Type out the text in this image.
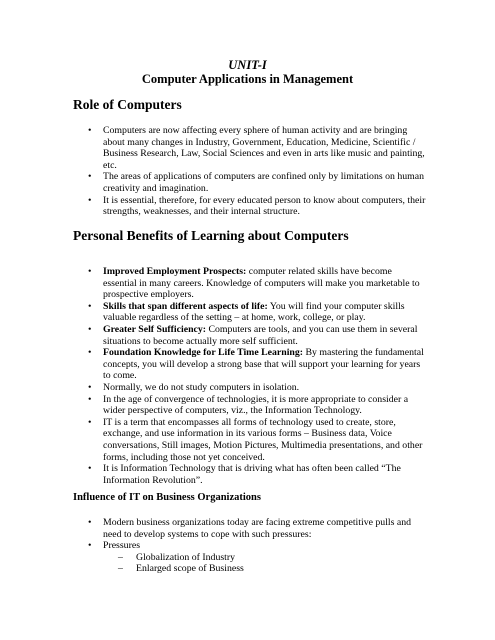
UNIT-I
Computer Applications in Management
Role of Computers
•	Computers are now affecting every sphere of human activity and are bringing about many changes in Industry, Government, Education, Medicine, Scientific / Business Research, Law, Social Sciences and even in arts like music and painting, etc.
•	The areas of applications of computers are confined only by limitations on human creativity and imagination.
•	It is essential, therefore, for every educated person to know about computers, their strengths, weaknesses, and their internal structure.
Personal Benefits of Learning about Computers
•	Improved Employment Prospects: computer related skills have become essential in many careers. Knowledge of computers will make you marketable to prospective employers.
•	Skills that span different aspects of life: You will find your computer skills valuable regardless of the setting – at home, work, college, or play.
•	Greater Self Sufficiency: Computers are tools, and you can use them in several situations to become actually more self sufficient.
•	Foundation Knowledge for Life Time Learning: By mastering the fundamental concepts, you will develop a strong base that will support your learning for years to come.
•	Normally, we do not study computers in isolation.
•	In the age of convergence of technologies, it is more appropriate to consider a wider perspective of computers, viz., the Information Technology.
•	IT is a term that encompasses all forms of technology used to create, store, exchange, and use information in its various forms – Business data, Voice conversations, Still images, Motion Pictures, Multimedia presentations, and other forms, including those not yet conceived.
•	It is Information Technology that is driving what has often been called “The Information Revolution”.
Influence of IT on Business Organizations
•	Modern business organizations today are facing extreme competitive pulls and need to develop systems to cope with such pressures:
•	Pressures
– Globalization of Industry
– Enlarged scope of Business
